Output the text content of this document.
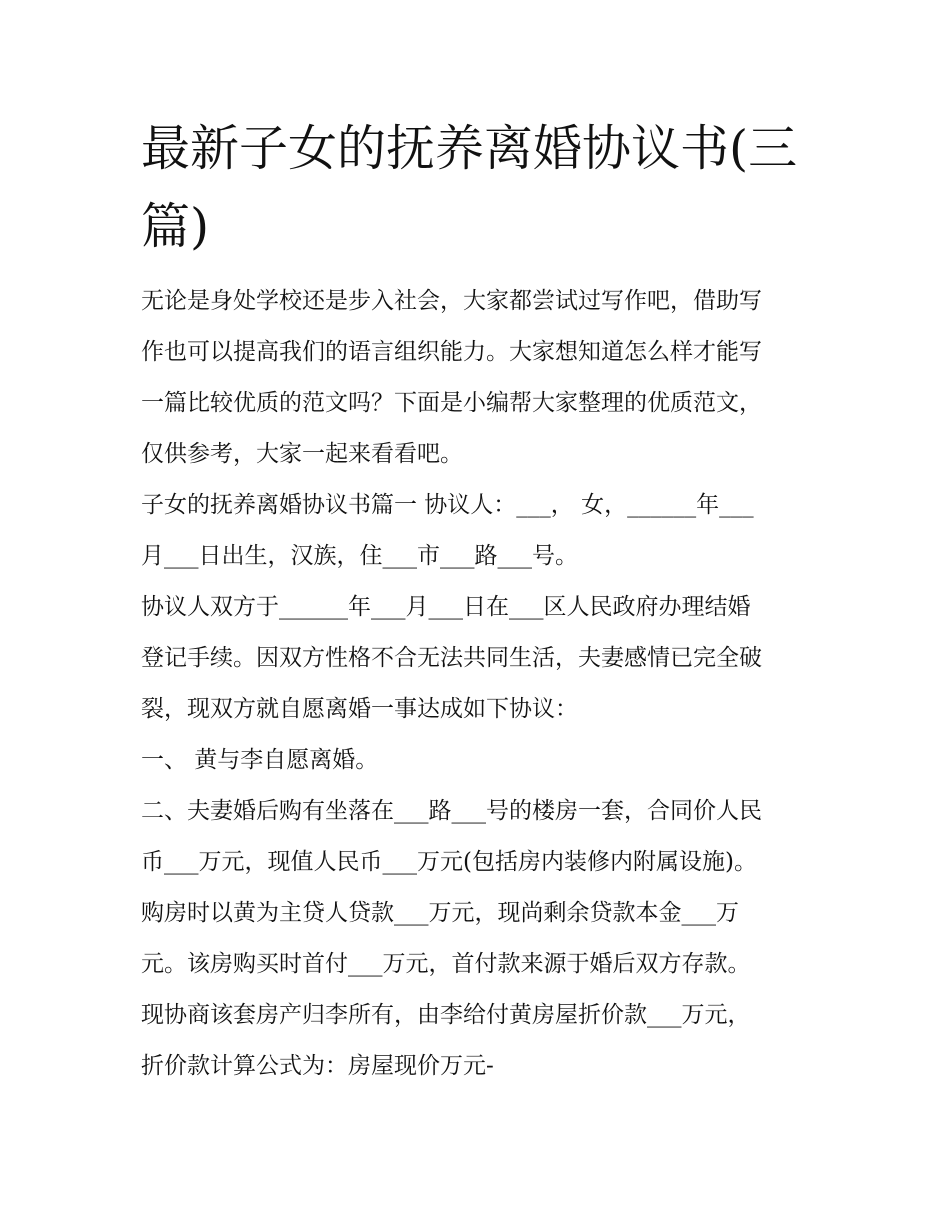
最新子女的抚养离婚协议书(三
篇)
无论是身处学校还是步入社会，大家都尝试过写作吧，借助写
作也可以提高我们的语言组织能力。大家想知道怎么样才能写
一篇比较优质的范文吗？下面是小编帮大家整理的优质范文，
仅供参考，大家一起来看看吧。
子女的抚养离婚协议书篇一 协议人：___， 女，______年___
月___日出生，汉族，住___市___路___号。
协议人双方于______年___月___日在___区人民政府办理结婚
登记手续。因双方性格不合无法共同生活，夫妻感情已完全破
裂，现双方就自愿离婚一事达成如下协议：
一、 黄与李自愿离婚。
二、夫妻婚后购有坐落在___路___号的楼房一套，合同价人民
币___万元，现值人民币___万元(包括房内装修内附属设施)。
购房时以黄为主贷人贷款___万元，现尚剩余贷款本金___万
元。该房购买时首付___万元，首付款来源于婚后双方存款。
现协商该套房产归李所有，由李给付黄房屋折价款___万元，
折价款计算公式为：房屋现价万元-
